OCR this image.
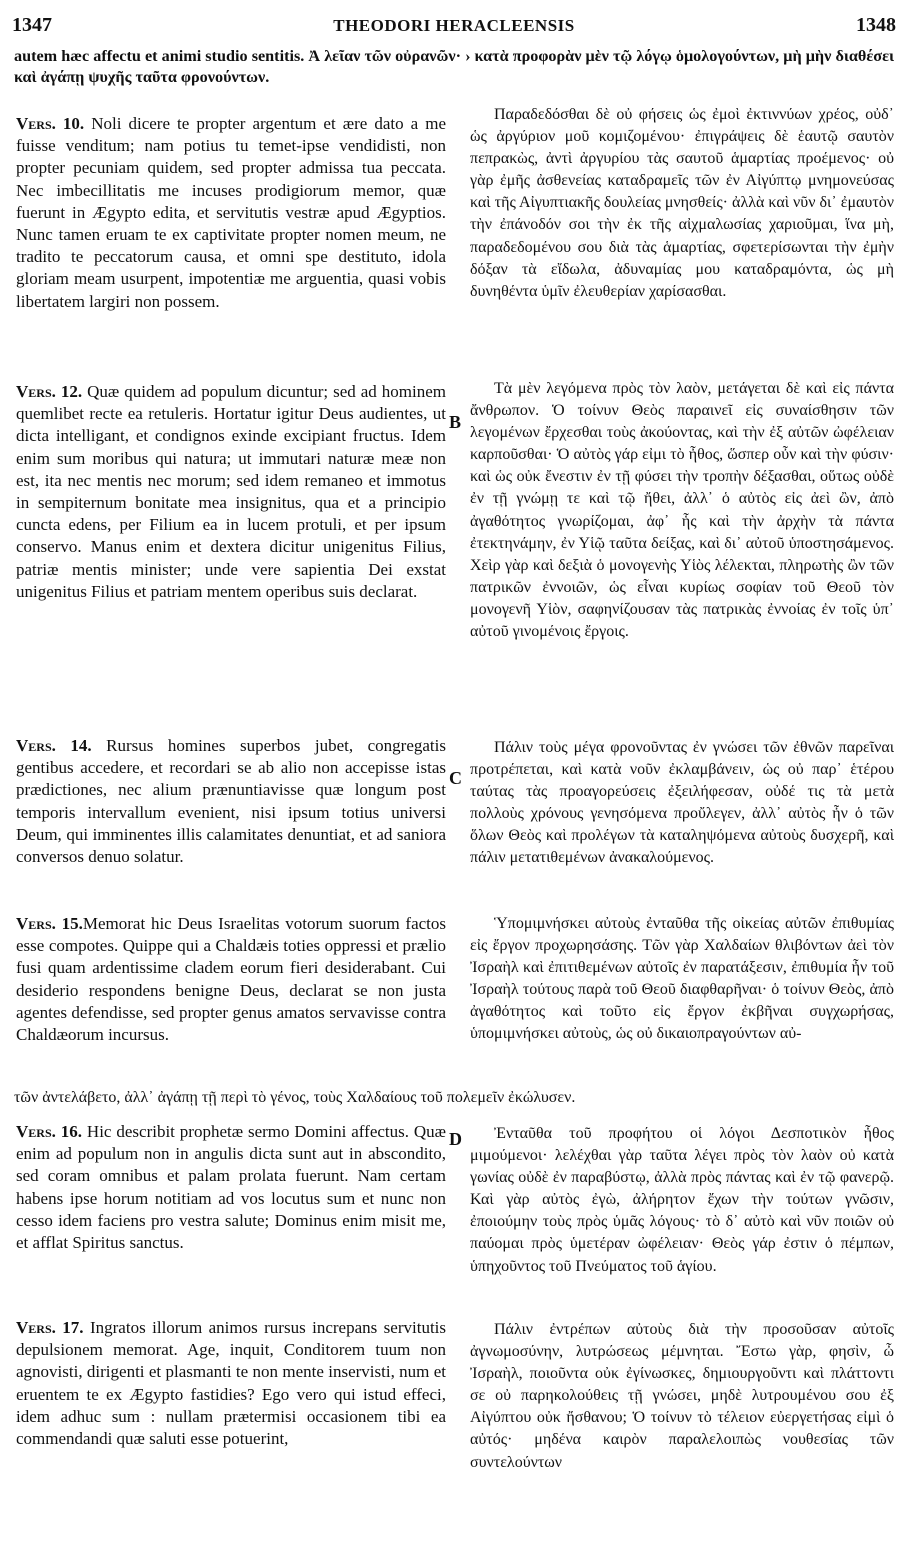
1347	THEODORI HERACLEENSIS	1348
autem hæc affectu et animi studio sentitis. Ἀ λεῖαν τῶν οὐρανῶν· › κατὰ προφορὰν μὲν τῷ λόγῳ ὁμολογούντων, μὴ μὴν διαθέσει καὶ ἀγάπῃ ψυχῆς ταῦτα φρονούντων.

Vers. 10. Noli dicere te propter argentum et ære dato a me fuisse venditum; nam potius tu temet-ipse vendidisti, non propter pecuniam quidem, sed propter admissa tua peccata. Nec imbecillitatis me incuses prodigiorum memor, quæ fuerunt in Ægypto edita, et servitutis vestræ apud Ægyptios. Nunc tamen eruam te ex captivitate propter nomen meum, ne tradito te peccatorum causa, et omni spe destituto, idola gloriam meam usurpent, impotentiæ me arguentia, quasi vobis libertatem largiri non possem.

Vers. 12. Quæ quidem ad populum dicuntur; sed ad hominem quemlibet recte ea retuleris. Hortatur igitur Deus audientes, ut dicta intelligant, et condignos exinde excipiant fructus. Idem enim sum moribus qui natura; ut immutari naturæ meæ non est, ita nec mentis nec morum; sed idem remaneo et immotus in sempiternum bonitate mea insignitus, qua et a principio cuncta edens, per Filium ea in lucem protuli, et per ipsum conservo. Manus enim et dextera dicitur unigenitus Filius, patriæ mentis minister; unde vere sapientia Dei exstat unigenitus Filius et patriam mentem operibus suis declarat.

Vers. 14. Rursus homines superbos jubet, congregatis gentibus accedere, et recordari se ab alio non accepisse istas prædictiones, nec alium prænuntiavisse quæ longum post temporis intervallum evenient, nisi ipsum totius universi Deum, qui imminentes illis calamitates denuntiat, et ad saniora conversos denuo solatur.

Vers. 15.Memorat hic Deus Israelitas votorum suorum factos esse compotes. Quippe qui a Chaldæis toties oppressi et prælio fusi quam ardentissime cladem eorum fieri desiderabant. Cui desiderio respondens benigne Deus, declarat se non justa agentes defendisse, sed propter genus amatos servavisse contra Chaldæorum incursus.

Vers. 16. Hic describit prophetæ sermo Domini affectus. Quæ enim ad populum non in angulis dicta sunt aut in abscondito, sed coram omnibus et palam prolata fuerunt. Nam certam habens ipse horum notitiam ad vos locutus sum et nunc non cesso idem faciens pro vestra salute; Dominus enim misit me, et afflat Spiritus sanctus.

Vers. 17. Ingratos illorum animos rursus increpans servitutis depulsionem memorat. Age, inquit, Conditorem tuum non agnovisti, dirigenti et plasmanti te non mente inservisti, num et eruentem te ex Ægypto fastidies? Ego vero qui istud effeci, idem adhuc sum : nullam prætermisi occasionem tibi ea commendandi quæ saluti esse potuerint,

Παραδεδόσθαι δὲ οὐ φήσεις ὡς ἐμοὶ ἐκτιννύων χρέος, οὐδ᾽ ὡς ἀργύριον μοῦ κομιζομένου· ἐπιγράψεις δὲ ἑαυτῷ σαυτὸν πεπρακὼς, ἀντὶ ἀργυρίου τὰς σαυτοῦ ἁμαρτίας προέμενος· οὐ γὰρ ἐμῆς ἀσθενείας καταδραμεῖς τῶν ἐν Αἰγύπτῳ μνημονεύσας καὶ τῆς Αἰγυπτιακῆς δουλείας μνησθείς· ἀλλὰ καὶ νῦν δι᾽ ἐμαυτὸν τὴν ἐπάνοδόν σοι τὴν ἐκ τῆς αἰχμαλωσίας χαριοῦμαι, ἵνα μὴ, παραδεδομένου σου διὰ τὰς ἁμαρτίας, σφετερίσωνται τὴν ἐμὴν δόξαν τὰ εἴδωλα, ἀδυναμίας μου καταδραμόντα, ὡς μὴ δυνηθέντα ὑμῖν ἐλευθερίαν χαρίσασθαι.

Τὰ μὲν λεγόμενα πρὸς τὸν λαὸν, μετάγεται δὲ καὶ εἰς πάντα ἄνθρωπον. Ὁ τοίνυν Θεὸς παραινεῖ εἰς συναίσθησιν τῶν λεγομένων ἔρχεσθαι τοὺς ἀκούοντας, καὶ τὴν ἐξ αὐτῶν ὠφέλειαν καρποῦσθαι· Ὁ αὐτὸς γάρ εἰμι τὸ ἦθος, ὥσπερ οὖν καὶ τὴν φύσιν· καὶ ὡς οὐκ ἔνεστιν ἐν τῇ φύσει τὴν τροπὴν δέξασθαι, οὕτως οὐδὲ ἐν τῇ γνώμῃ τε καὶ τῷ ἤθει, ἀλλ᾽ ὁ αὐτὸς εἰς ἀεὶ ὢν, ἀπὸ ἀγαθότητος γνωρίζομαι, ἀφ᾽ ἧς καὶ τὴν ἀρχὴν τὰ πάντα ἐτεκτηνάμην, ἐν Υἱῷ ταῦτα δείξας, καὶ δι᾽ αὐτοῦ ὑποστησάμενος. Χεὶρ γὰρ καὶ δεξιὰ ὁ μονογενὴς Υἱὸς λέλεκται, πληρωτὴς ὢν τῶν πατρικῶν ἐννοιῶν, ὡς εἶναι κυρίως σοφίαν τοῦ Θεοῦ τὸν μονογενῆ Υἱὸν, σαφηνίζουσαν τὰς πατρικὰς ἐννοίας ἐν τοῖς ὑπ᾽ αὐτοῦ γινομένοις ἔργοις.

Πάλιν τοὺς μέγα φρονοῦντας ἐν γνώσει τῶν ἐθνῶν παρεῖναι προτρέπεται, καὶ κατὰ νοῦν ἐκλαμβάνειν, ὡς οὐ παρ᾽ ἑτέρου ταύτας τὰς προαγορεύσεις ἐξειλήφεσαν, οὐδέ τις τὰ μετὰ πολλοὺς χρόνους γενησόμενα προὔλεγεν, ἀλλ᾽ αὐτὸς ἦν ὁ τῶν ὅλων Θεὸς καὶ προλέγων τὰ καταληψόμενα αὐτοὺς δυσχερῆ, καὶ πάλιν μετατιθεμένων ἀνακαλούμενος.

Ὑπομιμνήσκει αὐτοὺς ἐνταῦθα τῆς οἰκείας αὐτῶν ἐπιθυμίας εἰς ἔργον προχωρησάσης. Τῶν γὰρ Χαλδαίων θλιβόντων ἀεὶ τὸν Ἰσραὴλ καὶ ἐπιτιθεμένων αὐτοῖς ἐν παρατάξεσιν, ἐπιθυμία ἦν τοῦ Ἰσραὴλ τούτους παρὰ τοῦ Θεοῦ διαφθαρῆναι· ὁ τοίνυν Θεὸς, ἀπὸ ἀγαθότητος καὶ τοῦτο εἰς ἔργον ἐκβῆναι συγχωρήσας, ὑπομιμνήσκει αὐτοὺς, ὡς οὐ δικαιοπραγούντων αὐ-

τῶν ἀντελάβετο, ἀλλ᾽ ἀγάπῃ τῇ περὶ τὸ γένος, τοὺς Χαλδαίους τοῦ πολεμεῖν ἐκώλυσεν.

Ἐνταῦθα τοῦ προφήτου οἱ λόγοι Δεσποτικὸν ἦθος μιμούμενοι· λελέχθαι γὰρ ταῦτα λέγει πρὸς τὸν λαὸν οὐ κατὰ γωνίας οὐδὲ ἐν παραβύστῳ, ἀλλὰ πρὸς πάντας καὶ ἐν τῷ φανερῷ. Καὶ γὰρ αὐτὸς ἐγὼ, ἀλήρητον ἔχων τὴν τούτων γνῶσιν, ἐποιούμην τοὺς πρὸς ὑμᾶς λόγους· τὸ δ᾽ αὐτὸ καὶ νῦν ποιῶν οὐ παύομαι πρὸς ὑμετέραν ὠφέλειαν· Θεὸς γάρ ἐστιν ὁ πέμπων, ὑπηχοῦντος τοῦ Πνεύματος τοῦ ἁγίου.

Πάλιν ἐντρέπων αὐτοὺς διὰ τὴν προσοῦσαν αὐτοῖς ἀγνωμοσύνην, λυτρώσεως μέμνηται. Ἔστω γὰρ, φησὶν, ὦ Ἰσραὴλ, ποιοῦντα οὐκ ἐγίνωσκες, δημιουργοῦντι καὶ πλάττοντι σε οὐ παρηκολούθεις τῇ γνώσει, μηδὲ λυτρουμένου σου ἐξ Αἰγύπτου οὐκ ἤσθανου; Ὁ τοίνυν τὸ τέλειον εὐεργετήσας εἰμὶ ὁ αὐτός· μηδένα καιρὸν παραλελοιπὼς νουθεσίας τῶν συντελούντων

B
C
D
